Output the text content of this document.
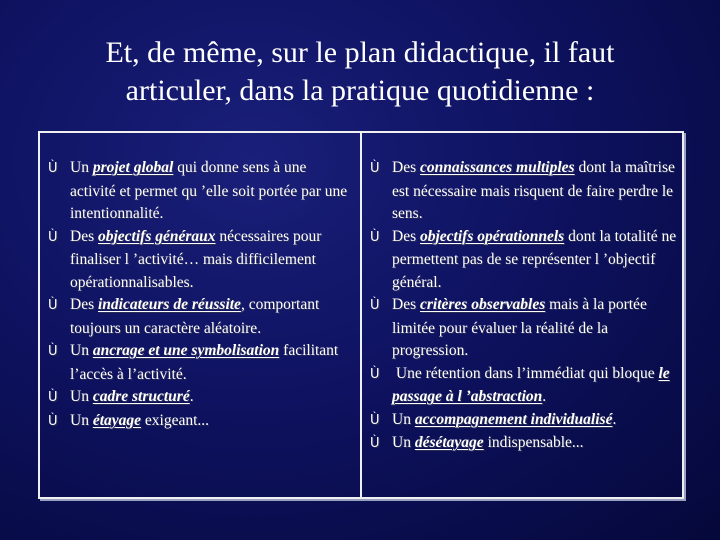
Et, de même, sur le plan didactique, il faut
articuler, dans la pratique quotidienne :
Ù Un projet global qui donne sens à une activité et permet qu ’elle soit portée par une intentionnalité.
Ù Des objectifs généraux nécessaires pour finaliser l ’activité… mais difficilement opérationnalisables.
Ù Des indicateurs de réussite, comportant toujours un caractère aléatoire.
Ù Un ancrage et une symbolisation facilitant l’accès à l’activité.
Ù Un cadre structuré.
Ù Un étayage exigeant...
Ù Des connaissances multiples dont la maîtrise est nécessaire mais risquent de faire perdre le sens.
Ù Des objectifs opérationnels dont la totalité ne permettent pas de se représenter l ’objectif général.
Ù Des critères observables mais à la portée limitée pour évaluer la réalité de la progression.
Ù Une rétention dans l’immédiat qui bloque le passage à l ’abstraction.
Ù Un accompagnement individualisé.
Ù Un désétayage indispensable...
